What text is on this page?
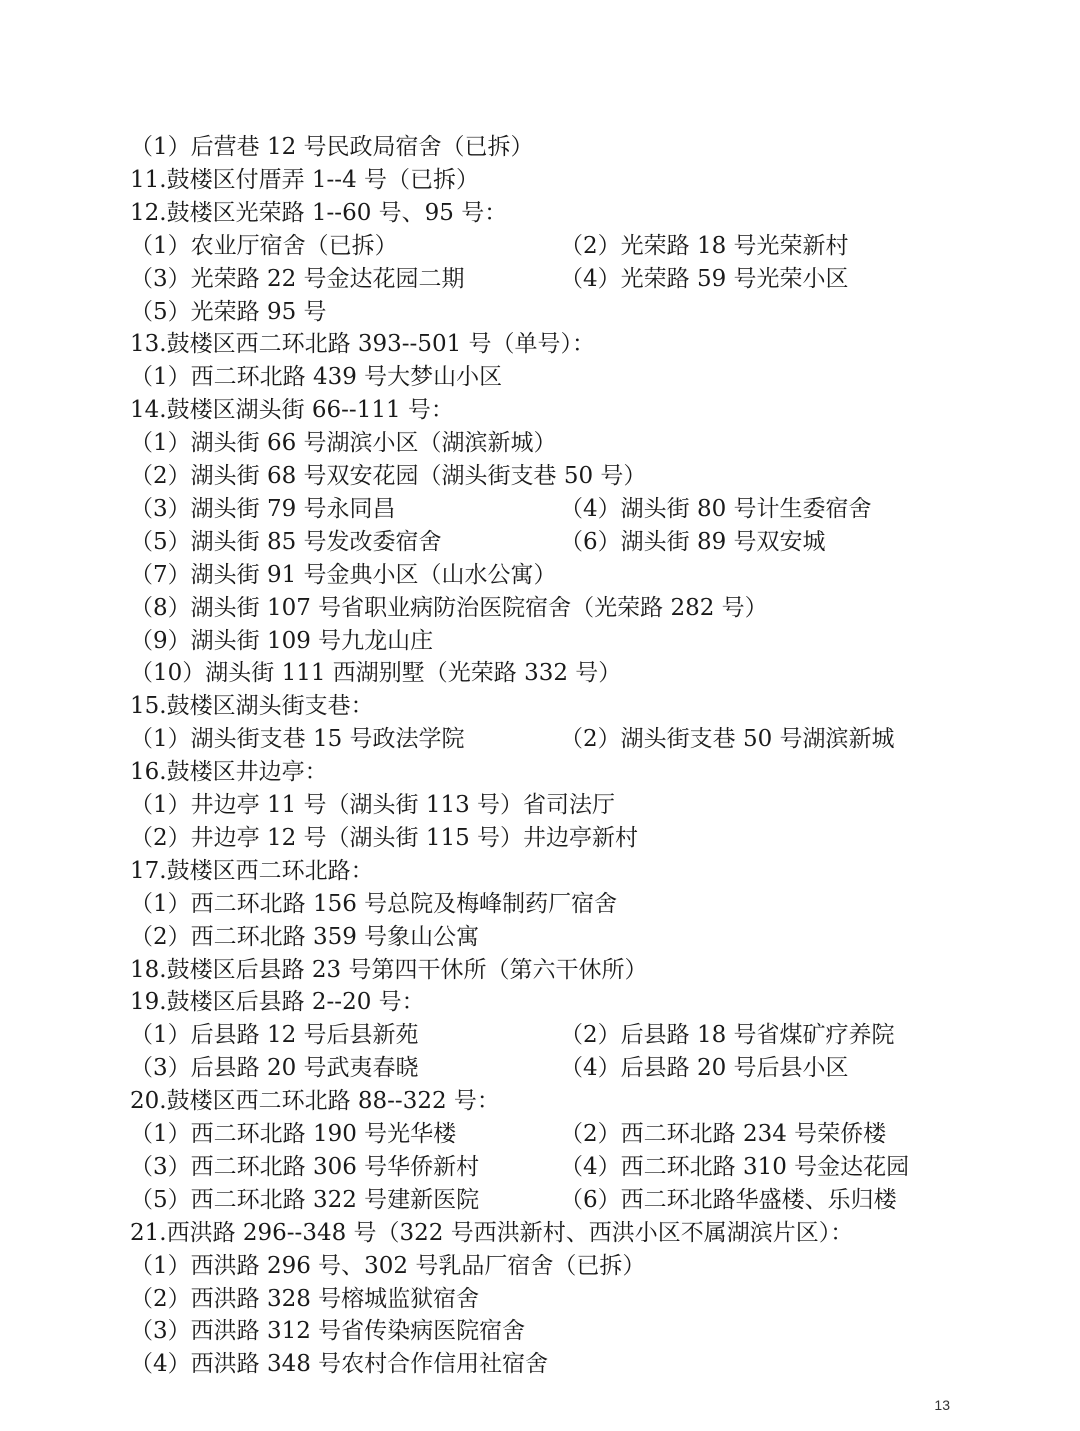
（1）后营巷 12 号民政局宿舍（已拆）
11.鼓楼区付厝弄 1--4 号（已拆）
12.鼓楼区光荣路 1--60 号、95 号：
（1）农业厅宿舍（已拆）	（2）光荣路 18 号光荣新村
（3）光荣路 22 号金达花园二期	（4）光荣路 59 号光荣小区
（5）光荣路 95 号
13.鼓楼区西二环北路 393--501 号（单号）：
（1）西二环北路 439 号大梦山小区
14.鼓楼区湖头街 66--111 号：
（1）湖头街 66 号湖滨小区（湖滨新城）
（2）湖头街 68 号双安花园（湖头街支巷 50 号）
（3）湖头街 79 号永同昌	（4）湖头街 80 号计生委宿舍
（5）湖头街 85 号发改委宿舍	（6）湖头街 89 号双安城
（7）湖头街 91 号金典小区（山水公寓）
（8）湖头街 107 号省职业病防治医院宿舍（光荣路 282 号）
（9）湖头街 109 号九龙山庄
（10）湖头街 111 西湖别墅（光荣路 332 号）
15.鼓楼区湖头街支巷：
（1）湖头街支巷 15 号政法学院	（2）湖头街支巷 50 号湖滨新城
16.鼓楼区井边亭：
（1）井边亭 11 号（湖头街 113 号）省司法厅
（2）井边亭 12 号（湖头街 115 号）井边亭新村
17.鼓楼区西二环北路：
（1）西二环北路 156 号总院及梅峰制药厂宿舍
（2）西二环北路 359 号象山公寓
18.鼓楼区后县路 23 号第四干休所（第六干休所）
19.鼓楼区后县路 2--20 号：
（1）后县路 12 号后县新苑	（2）后县路 18 号省煤矿疗养院
（3）后县路 20 号武夷春晓	（4）后县路 20 号后县小区
20.鼓楼区西二环北路 88--322 号：
（1）西二环北路 190 号光华楼	（2）西二环北路 234 号荣侨楼
（3）西二环北路 306 号华侨新村	（4）西二环北路 310 号金达花园
（5）西二环北路 322 号建新医院	（6）西二环北路华盛楼、乐归楼
21.西洪路 296--348 号（322 号西洪新村、西洪小区不属湖滨片区）：
（1）西洪路 296 号、302 号乳品厂宿舍（已拆）
（2）西洪路 328 号榕城监狱宿舍
（3）西洪路 312 号省传染病医院宿舍
（4）西洪路 348 号农村合作信用社宿舍
13
